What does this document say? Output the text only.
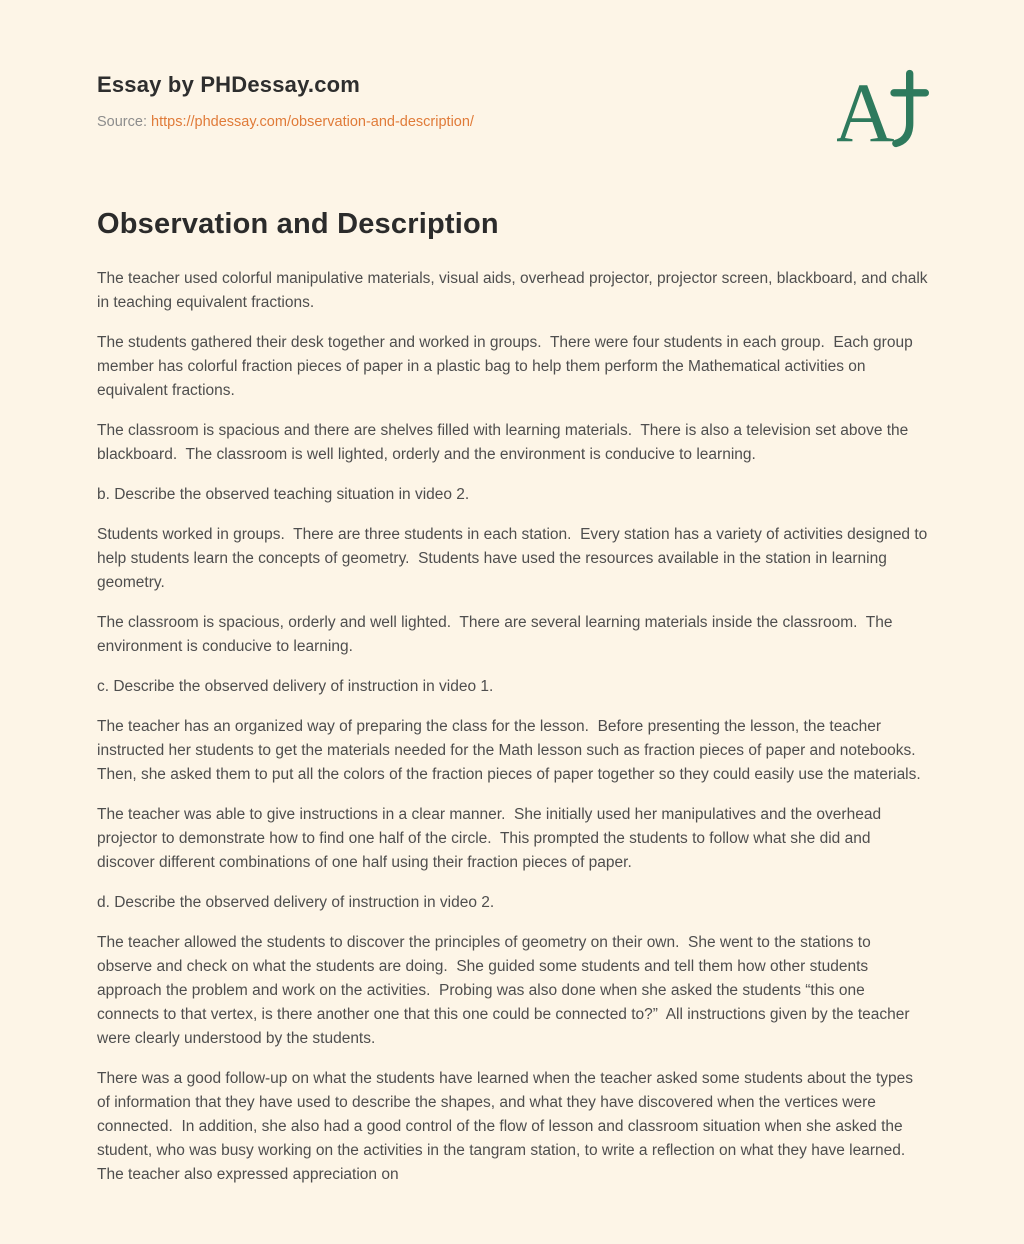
Essay by PHDessay.com
Source: https://phdessay.com/observation-and-description/	A
Observation and Description

The teacher used colorful manipulative materials, visual aids, overhead projector, projector screen, blackboard, and chalk in teaching equivalent fractions.

The students gathered their desk together and worked in groups.  There were four students in each group.  Each group member has colorful fraction pieces of paper in a plastic bag to help them perform the Mathematical activities on equivalent fractions.

The classroom is spacious and there are shelves filled with learning materials.  There is also a television set above the blackboard.  The classroom is well lighted, orderly and the environment is conducive to learning.

b. Describe the observed teaching situation in video 2.

Students worked in groups.  There are three students in each station.  Every station has a variety of activities designed to help students learn the concepts of geometry.  Students have used the resources available in the station in learning geometry.

The classroom is spacious, orderly and well lighted.  There are several learning materials inside the classroom.  The environment is conducive to learning.

c. Describe the observed delivery of instruction in video 1.

The teacher has an organized way of preparing the class for the lesson.  Before presenting the lesson, the teacher instructed her students to get the materials needed for the Math lesson such as fraction pieces of paper and notebooks.  Then, she asked them to put all the colors of the fraction pieces of paper together so they could easily use the materials.

The teacher was able to give instructions in a clear manner.  She initially used her manipulatives and the overhead projector to demonstrate how to find one half of the circle.  This prompted the students to follow what she did and discover different combinations of one half using their fraction pieces of paper.

d. Describe the observed delivery of instruction in video 2.

The teacher allowed the students to discover the principles of geometry on their own.  She went to the stations to observe and check on what the students are doing.  She guided some students and tell them how other students approach the problem and work on the activities.  Probing was also done when she asked the students “this one connects to that vertex, is there another one that this one could be connected to?”  All instructions given by the teacher were clearly understood by the students.

There was a good follow-up on what the students have learned when the teacher asked some students about the types of information that they have used to describe the shapes, and what they have discovered when the vertices were connected.  In addition, she also had a good control of the flow of lesson and classroom situation when she asked the student, who was busy working on the activities in the tangram station, to write a reflection on what they have learned.  The teacher also expressed appreciation on
